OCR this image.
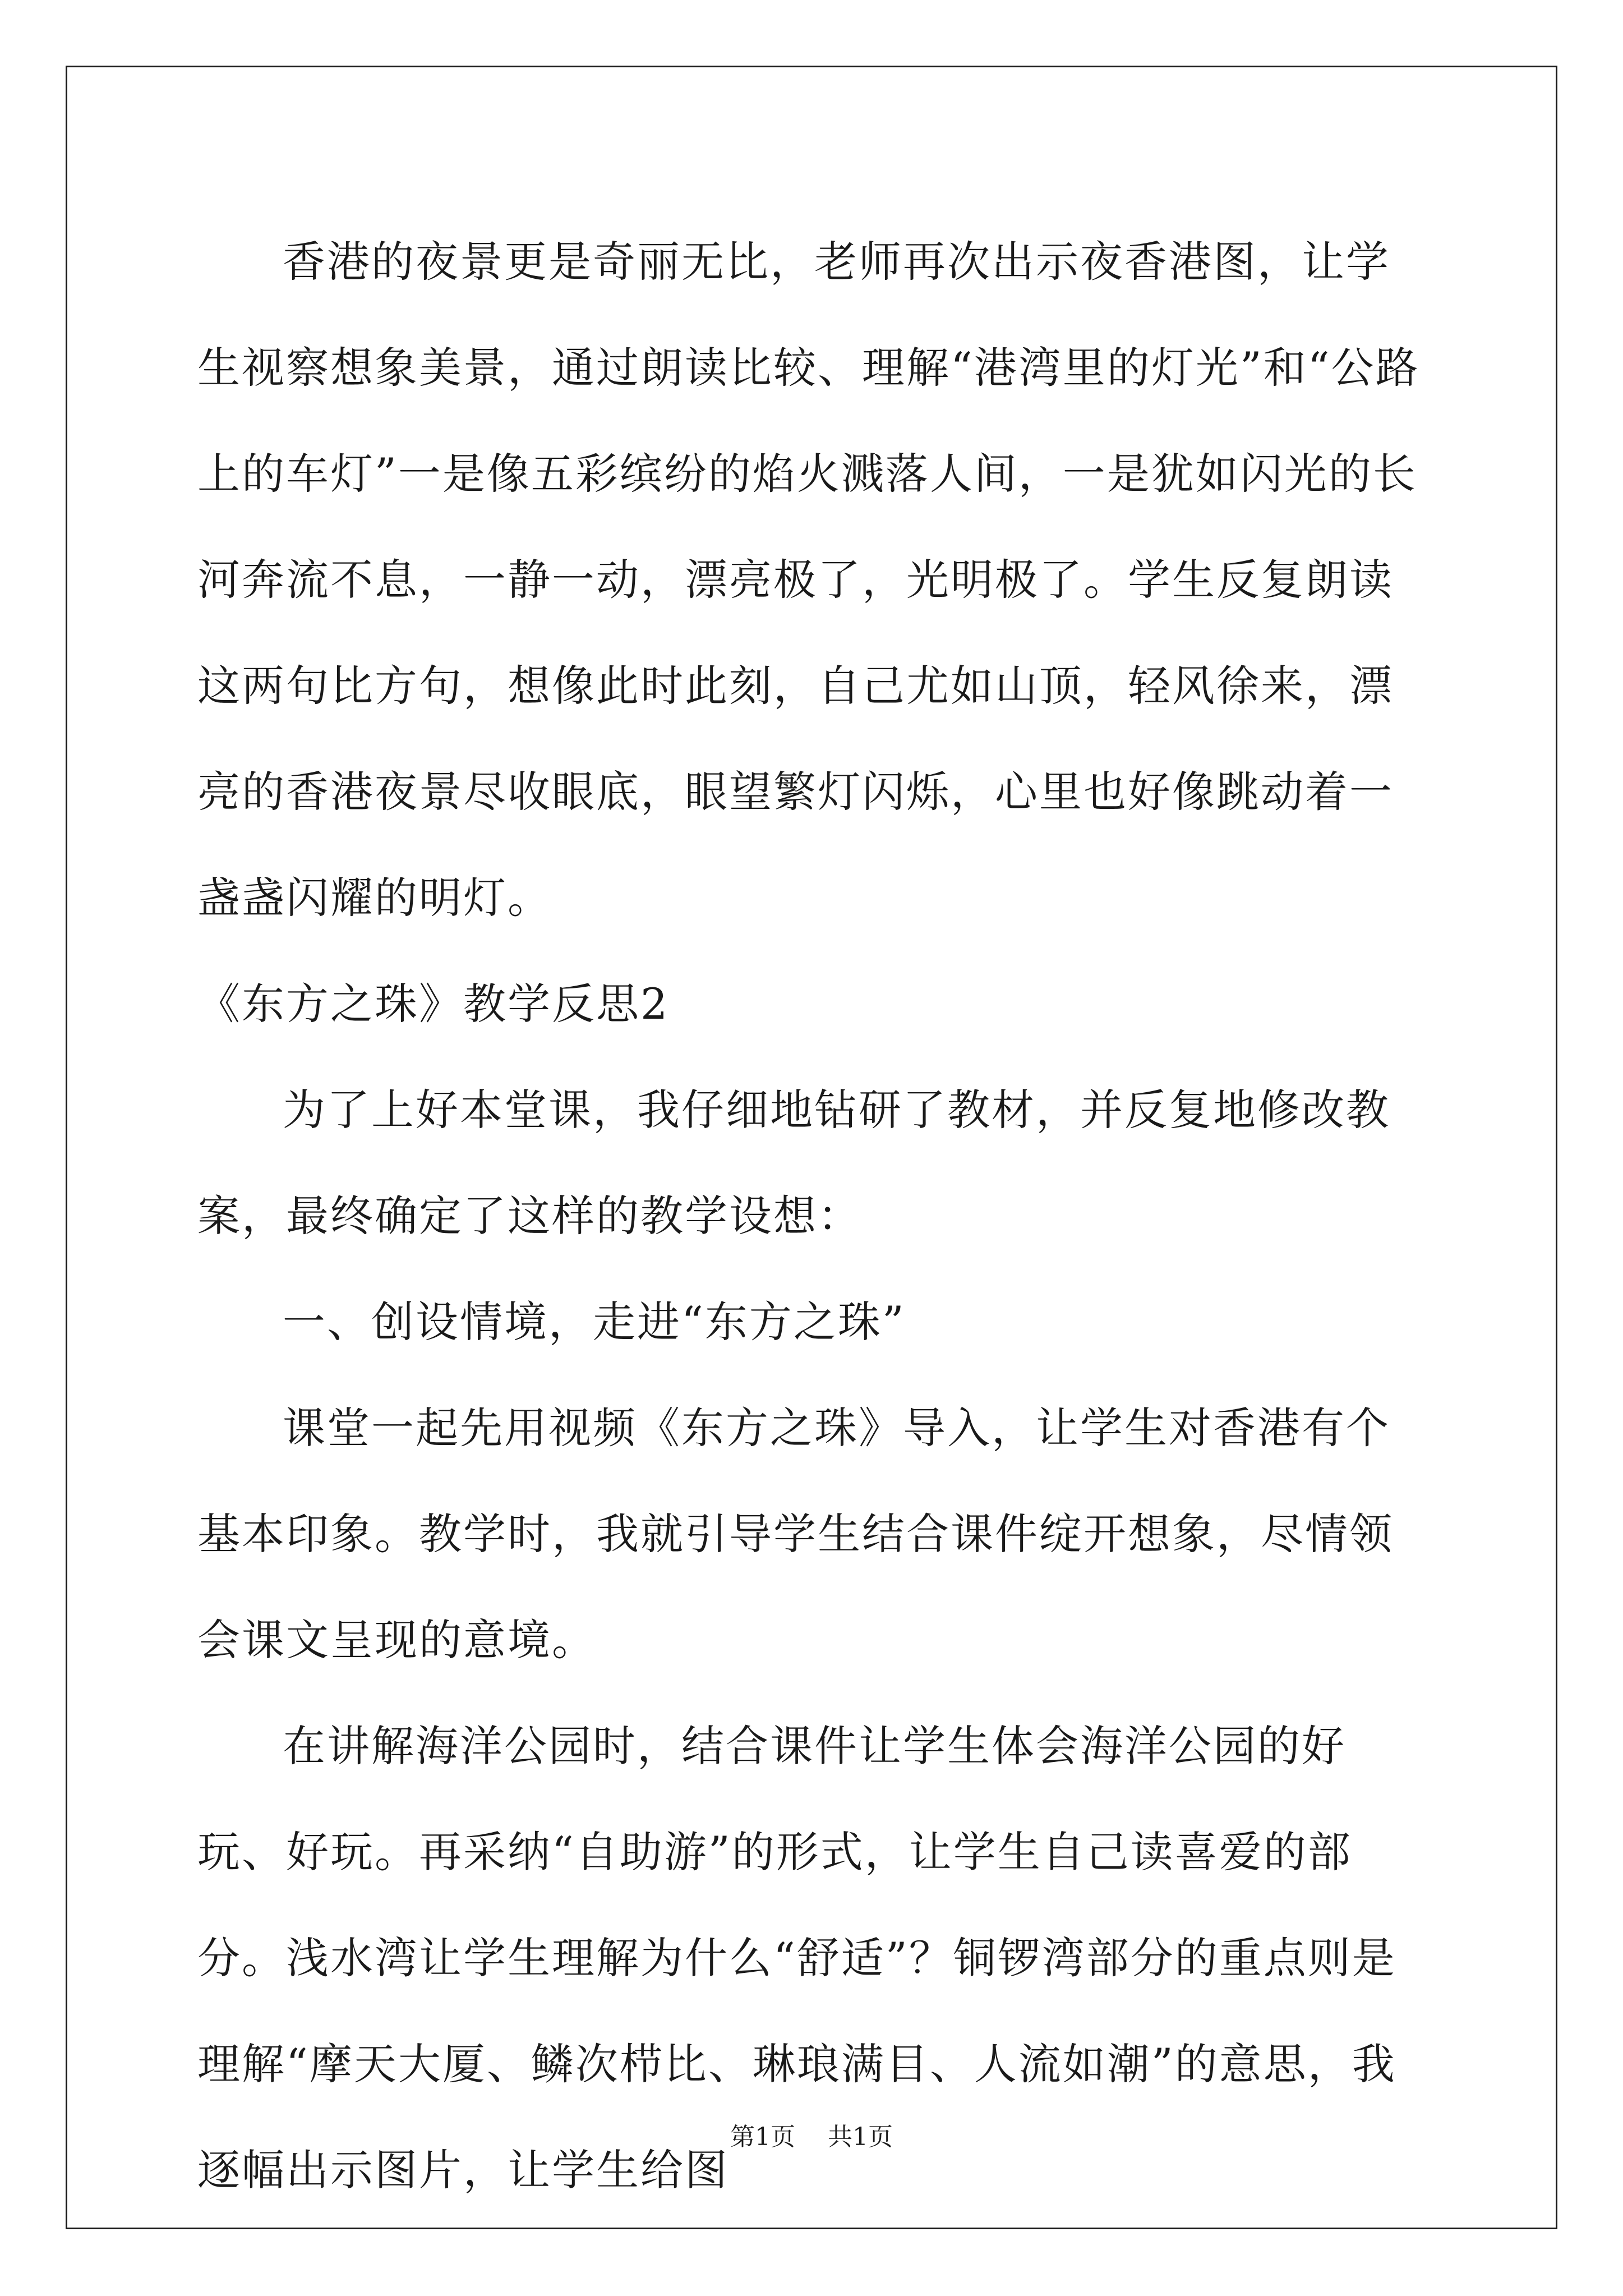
香港的夜景更是奇丽无比，老师再次出示夜香港图，让学生视察想象美景，通过朗读比较、理解“港湾里的灯光”和“公路上的车灯”一是像五彩缤纷的焰火溅落人间，一是犹如闪光的长河奔流不息，一静一动，漂亮极了，光明极了。学生反复朗读这两句比方句，想像此时此刻，自己尤如山顶，轻风徐来，漂亮的香港夜景尽收眼底，眼望繁灯闪烁，心里也好像跳动着一盏盏闪耀的明灯。

《东方之珠》教学反思2

为了上好本堂课，我仔细地钻研了教材，并反复地修改教案，最终确定了这样的教学设想：

一、创设情境，走进“东方之珠”

课堂一起先用视频《东方之珠》导入，让学生对香港有个基本印象。教学时，我就引导学生结合课件绽开想象，尽情领会课文呈现的意境。

在讲解海洋公园时，结合课件让学生体会海洋公园的好玩、好玩。再采纳“自助游”的形式，让学生自己读喜爱的部分。浅水湾让学生理解为什么“舒适”？铜锣湾部分的重点则是理解“摩天大厦、鳞次栉比、琳琅满目、人流如潮”的意思，我逐幅出示图片，让学生给图

第1页 共1页
